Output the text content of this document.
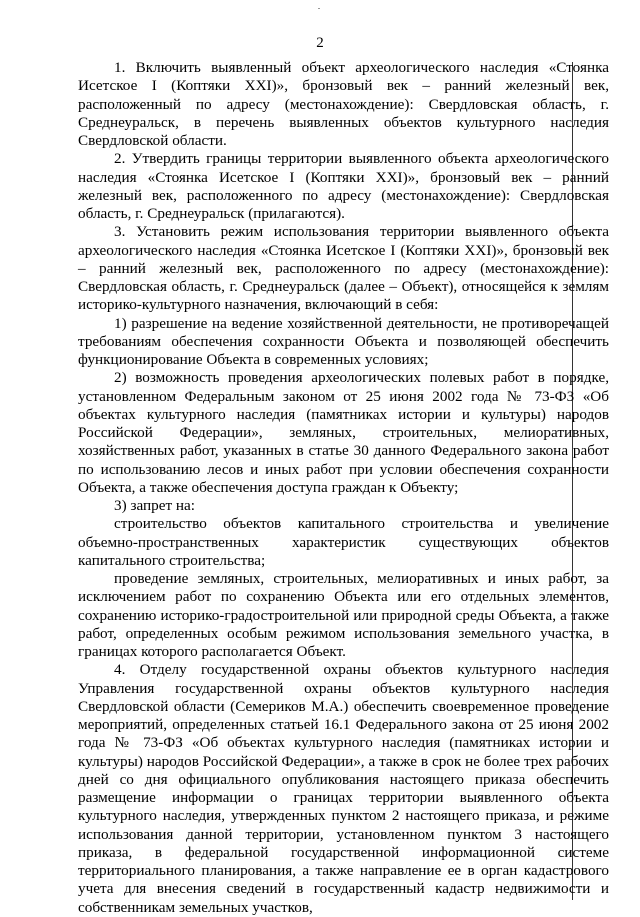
2

1. Включить выявленный объект археологического наследия «Стоянка Исетское I (Коптяки XXI)», бронзовый век – ранний железный век, расположенный по адресу (местонахождение): Свердловская область, г. Среднеуральск, в перечень выявленных объектов культурного наследия Свердловской области.

2. Утвердить границы территории выявленного объекта археологического наследия «Стоянка Исетское I (Коптяки XXI)», бронзовый век – ранний железный век, расположенного по адресу (местонахождение): Свердловская область, г. Среднеуральск (прилагаются).

3. Установить режим использования территории выявленного объекта археологического наследия «Стоянка Исетское I (Коптяки XXI)», бронзовый век – ранний железный век, расположенного по адресу (местонахождение): Свердловская область, г. Среднеуральск (далее – Объект), относящейся к землям историко-культурного назначения, включающий в себя:

1) разрешение на ведение хозяйственной деятельности, не противоречащей требованиям обеспечения сохранности Объекта и позволяющей обеспечить функционирование Объекта в современных условиях;

2) возможность проведения археологических полевых работ в порядке, установленном Федеральным законом от 25 июня 2002 года № 73-ФЗ «Об объектах культурного наследия (памятниках истории и культуры) народов Российской Федерации», земляных, строительных, мелиоративных, хозяйственных работ, указанных в статье 30 данного Федерального закона работ по использованию лесов и иных работ при условии обеспечения сохранности Объекта, а также обеспечения доступа граждан к Объекту;

3) запрет на:

строительство объектов капитального строительства и увеличение объемно-пространственных характеристик существующих объектов капитального строительства;

проведение земляных, строительных, мелиоративных и иных работ, за исключением работ по сохранению Объекта или его отдельных элементов, сохранению историко-градостроительной или природной среды Объекта, а также работ, определенных особым режимом использования земельного участка, в границах которого располагается Объект.

4. Отделу государственной охраны объектов культурного наследия Управления государственной охраны объектов культурного наследия Свердловской области (Семериков М.А.) обеспечить своевременное проведение мероприятий, определенных статьей 16.1 Федерального закона от 25 июня 2002 года № 73-ФЗ «Об объектах культурного наследия (памятниках истории и культуры) народов Российской Федерации», а также в срок не более трех рабочих дней со дня официального опубликования настоящего приказа обеспечить размещение информации о границах территории выявленного объекта культурного наследия, утвержденных пунктом 2 настоящего приказа, и режиме использования данной территории, установленном пунктом 3 настоящего приказа, в федеральной государственной информационной системе территориального планирования, а также направление ее в орган кадастрового учета для внесения сведений в государственный кадастр недвижимости и собственникам земельных участков,
